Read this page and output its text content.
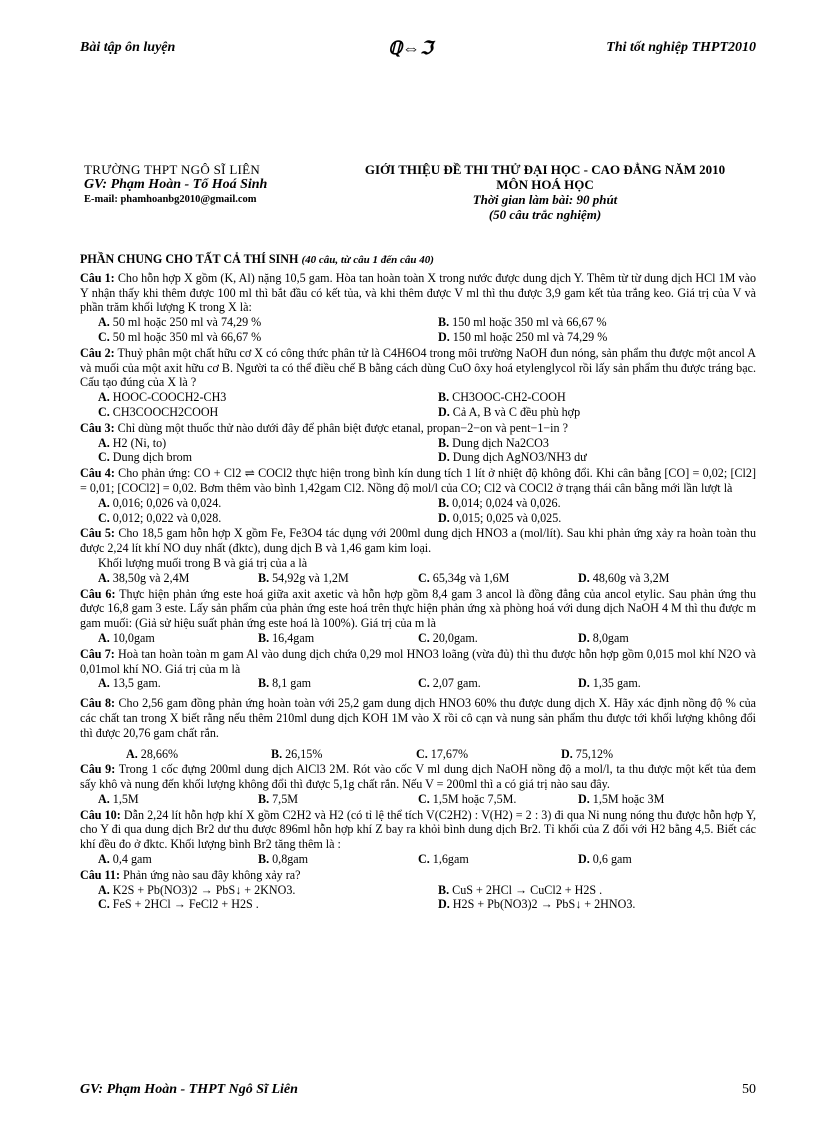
Bài tập ôn luyện	ℚ⇔ℑ	Thi tốt nghiệp THPT2010
TRƯỜNG THPT NGÔ SĨ LIÊN
GV: Phạm Hoàn - Tổ Hoá Sinh
E-mail: phamhoanbg2010@gmail.com
GIỚI THIỆU ĐỀ THI THỬ ĐẠI HỌC - CAO ĐẲNG NĂM 2010
MÔN HOÁ HỌC
Thời gian làm bài: 90 phút
(50 câu trắc nghiệm)
PHẦN CHUNG CHO TẤT CẢ THÍ SINH (40 câu, từ câu 1 đến câu 40)
Câu 1: Cho hỗn hợp X gồm (K, Al) nặng 10,5 gam. Hòa tan hoàn toàn X trong nước được dung dịch Y. Thêm từ từ dung dịch HCl 1M vào Y nhận thấy khi thêm được 100 ml thì bắt đầu có kết tủa, và khi thêm được V ml thì thu được 3,9 gam kết tủa trắng keo. Giá trị của V và phần trăm khối lượng K trong X là:
A. 50 ml hoặc 250 ml và 74,29 %	B. 150 ml hoặc 350 ml và 66,67 %
C. 50 ml hoặc 350 ml và 66,67 %	D. 150 ml hoặc 250 ml và 74,29 %
Câu 2: Thuỷ phân một chất hữu cơ X có công thức phân tử là C4H6O4 trong môi trường NaOH đun nóng, sản phẩm thu được một ancol A và muối của một axit hữu cơ B. Người ta có thể điều chế B bằng cách dùng CuO ôxy hoá etylenglycol rồi lấy sản phẩm thu được tráng bạc. Cấu tạo đúng của X là ?
A. HOOC-COOCH2-CH3	B. CH3OOC-CH2-COOH
C. CH3COOCH2COOH	D. Cả A, B và C đều phù hợp
Câu 3: Chỉ dùng một thuốc thử nào dưới đây để phân biệt được etanal, propan−2−on và pent−1−in ?
A. H2 (Ni, to)	B. Dung dịch Na2CO3
C. Dung dịch brom	D. Dung dịch AgNO3/NH3 dư
Câu 4: Cho phản ứng: CO + Cl2 ⇌ COCl2 thực hiện trong bình kín dung tích 1 lít ở nhiệt độ không đổi. Khi cân bằng [CO] = 0,02; [Cl2] = 0,01; [COCl2] = 0,02. Bơm thêm vào bình 1,42gam Cl2. Nồng độ mol/l của CO; Cl2 và COCl2 ở trạng thái cân bằng mới lần lượt là
A. 0,016; 0,026 và 0,024.	B. 0,014; 0,024 và 0,026.
C. 0,012; 0,022 và 0,028.	D. 0,015; 0,025 và 0,025.
Câu 5: Cho 18,5 gam hỗn hợp X gồm Fe, Fe3O4 tác dụng với 200ml dung dịch HNO3 a (mol/lít). Sau khi phản ứng xảy ra hoàn toàn thu được 2,24 lít khí NO duy nhất (đktc), dung dịch B và 1,46 gam kim loại.
Khối lượng muối trong B và giá trị của a là
A. 38,50g và 2,4M	B. 54,92g và 1,2M	C. 65,34g và 1,6M	D. 48,60g và 3,2M
Câu 6: Thực hiện phản ứng este hoá giữa axit axetic và hỗn hợp gồm 8,4 gam 3 ancol là đồng đẳng của ancol etylic. Sau phản ứng thu được 16,8 gam 3 este. Lấy sản phẩm của phản ứng este hoá trên thực hiện phản ứng xà phòng hoá với dung dịch NaOH 4 M thì thu được m gam muối: (Giả sử hiệu suất phản ứng este hoá là 100%). Giá trị của m là
A. 10,0gam	B. 16,4gam	C. 20,0gam.	D. 8,0gam
Câu 7: Hoà tan hoàn toàn m gam Al vào dung dịch chứa 0,29 mol HNO3 loãng (vừa đủ) thì thu được hỗn hợp gồm 0,015 mol khí N2O và 0,01mol khí NO. Giá trị của m là
A. 13,5 gam.	B. 8,1 gam	C. 2,07 gam.	D. 1,35 gam.
Câu 8: Cho 2,56 gam đồng phản ứng hoàn toàn với 25,2 gam dung dịch HNO3 60% thu được dung dịch X. Hãy xác định nồng độ % của các chất tan trong X biết rằng nếu thêm 210ml dung dịch KOH 1M vào X rồi cô cạn và nung sản phẩm thu được tới khối lượng không đổi thì được 20,76 gam chất rắn.
A. 28,66%	B. 26,15%	C. 17,67%	D. 75,12%
Câu 9: Trong 1 cốc đựng 200ml dung dịch AlCl3 2M. Rót vào cốc V ml dung dịch NaOH nồng độ a mol/l, ta thu được một kết tủa đem sấy khô và nung đến khối lượng không đổi thì được 5,1g chất rắn. Nếu V = 200ml thì a có giá trị nào sau đây.
A. 1,5M	B. 7,5M	C. 1,5M hoặc 7,5M.	D. 1,5M hoặc 3M
Câu 10: Dẫn 2,24 lít hỗn hợp khí X gồm C2H2 và H2 (có tỉ lệ thể tích V(C2H2) : V(H2) = 2 : 3) đi qua Ni nung nóng thu được hỗn hợp Y, cho Y đi qua dung dịch Br2 dư thu được 896ml hỗn hợp khí Z bay ra khỏi bình dung dịch Br2. Tỉ khối của Z đối với H2 bằng 4,5. Biết các khí đều đo ở đktc. Khối lượng bình Br2 tăng thêm là :
A. 0,4 gam	B. 0,8gam	C. 1,6gam	D. 0,6 gam
Câu 11: Phản ứng nào sau đây không xảy ra?
A. K2S + Pb(NO3)2 → PbS↓ + 2KNO3.	B. CuS + 2HCl → CuCl2 + H2S .
C. FeS + 2HCl → FeCl2 + H2S .	D. H2S + Pb(NO3)2 → PbS↓ + 2HNO3.
GV: Phạm Hoàn - THPT Ngô Sĩ Liên	50
